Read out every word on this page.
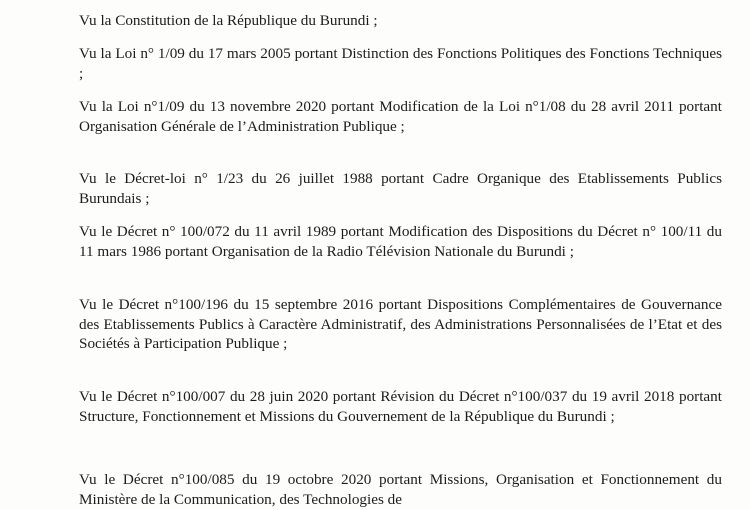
Vu la Constitution de la République du Burundi ;

Vu la Loi n° 1/09 du 17 mars 2005 portant Distinction des Fonctions Politiques des Fonctions Techniques ;

Vu la Loi n°1/09 du 13 novembre 2020 portant Modification de la Loi n°1/08 du 28 avril 2011 portant Organisation Générale de l’Administration Publique ;

Vu le Décret-loi n° 1/23 du 26 juillet 1988 portant Cadre Organique des Etablissements Publics Burundais ;

Vu le Décret n° 100/072 du 11 avril 1989 portant Modification des Dispositions du Décret n° 100/11 du 11 mars 1986 portant Organisation de la Radio Télévision Nationale du Burundi ;

Vu le Décret n°100/196 du 15 septembre 2016 portant Dispositions Complémentaires de Gouvernance des Etablissements Publics à Caractère Administratif, des Administrations Personnalisées de l’Etat et des Sociétés à Participation Publique ;

Vu le Décret n°100/007 du 28 juin 2020 portant Révision du Décret n°100/037 du 19 avril 2018 portant Structure, Fonctionnement et Missions du Gouvernement de la République du Burundi ;

Vu le Décret n°100/085 du 19 octobre 2020 portant Missions, Organisation et Fonctionnement du Ministère de la Communication, des Technologies de
